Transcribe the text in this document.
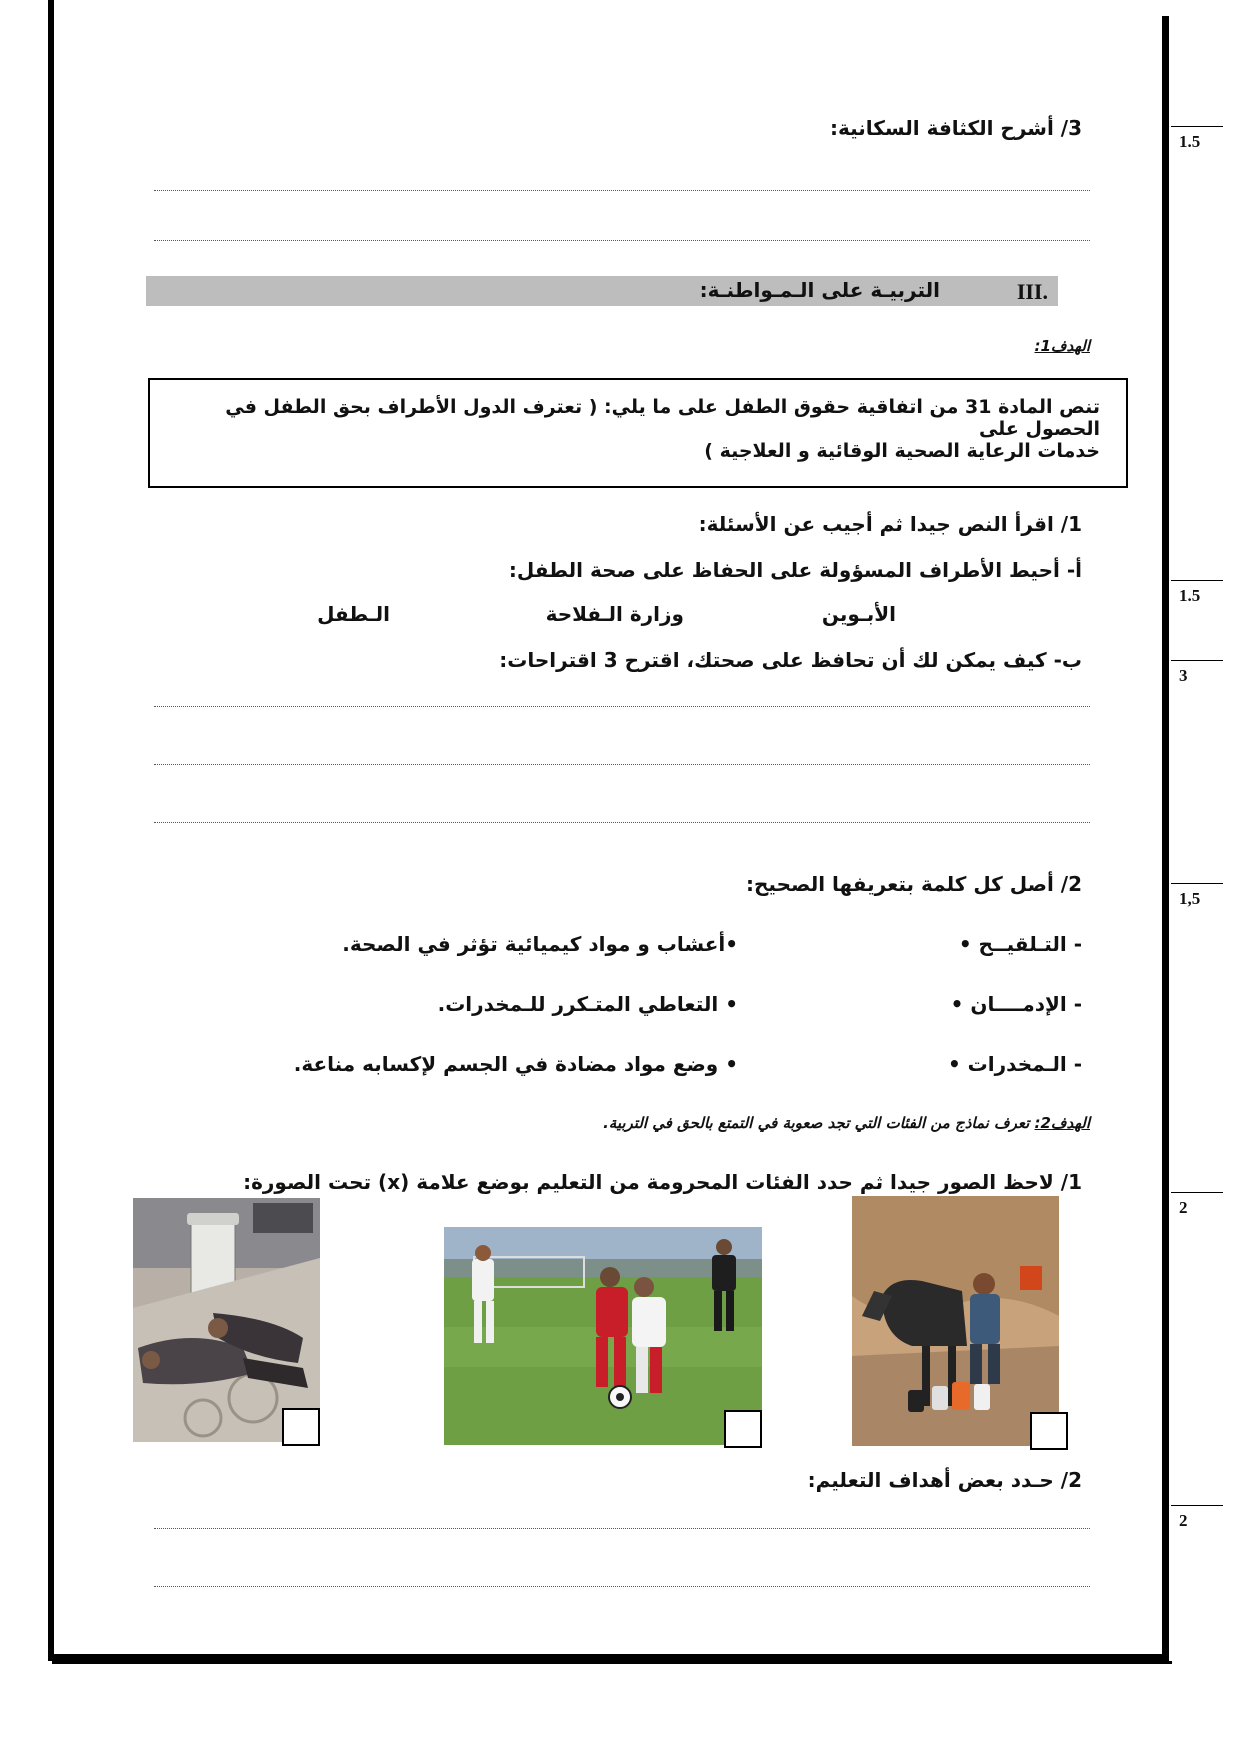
1.5
1.5
3
1,5
2
2
3/ أشرح الكثافة السكانية:
III.
التربيـة على الـمـواطنـة:
الهدف1:

تنص المادة 31 من اتفاقية حقوق الطفل على ما يلي: ( تعترف الدول الأطراف بحق الطفل في الحصول على

خدمات الرعاية الصحية الوقائية و العلاجية )

1/ اقرأ النص جيدا ثم أجيب عن الأسئلة:
أ- أحيط الأطراف المسؤولة على الحفاظ على صحة الطفل:
الأبـوين
وزارة الـفلاحة
الـطفل
ب- كيف يمكن لك أن تحافظ على صحتك، اقترح 3 اقتراحات:
2/ أصل كل كلمة بتعريفها الصحيح:
- التـلقيــح •
- الإدمــــان •
- الـمخدرات •
•أعشاب و مواد كيميائية تؤثر في الصحة.
• التعاطي المتـكرر للـمخدرات.
• وضع مواد مضادة في الجسم لإكسابه مناعة.
الهدف2: تعرف نماذج من الفئات التي تجد صعوبة في التمتع بالحق في التربية.
1/ لاحظ الصور جيدا ثم حدد الفئات المحرومة من التعليم بوضع علامة (x) تحت الصورة:
2/ حـدد بعض أهداف التعليم:
